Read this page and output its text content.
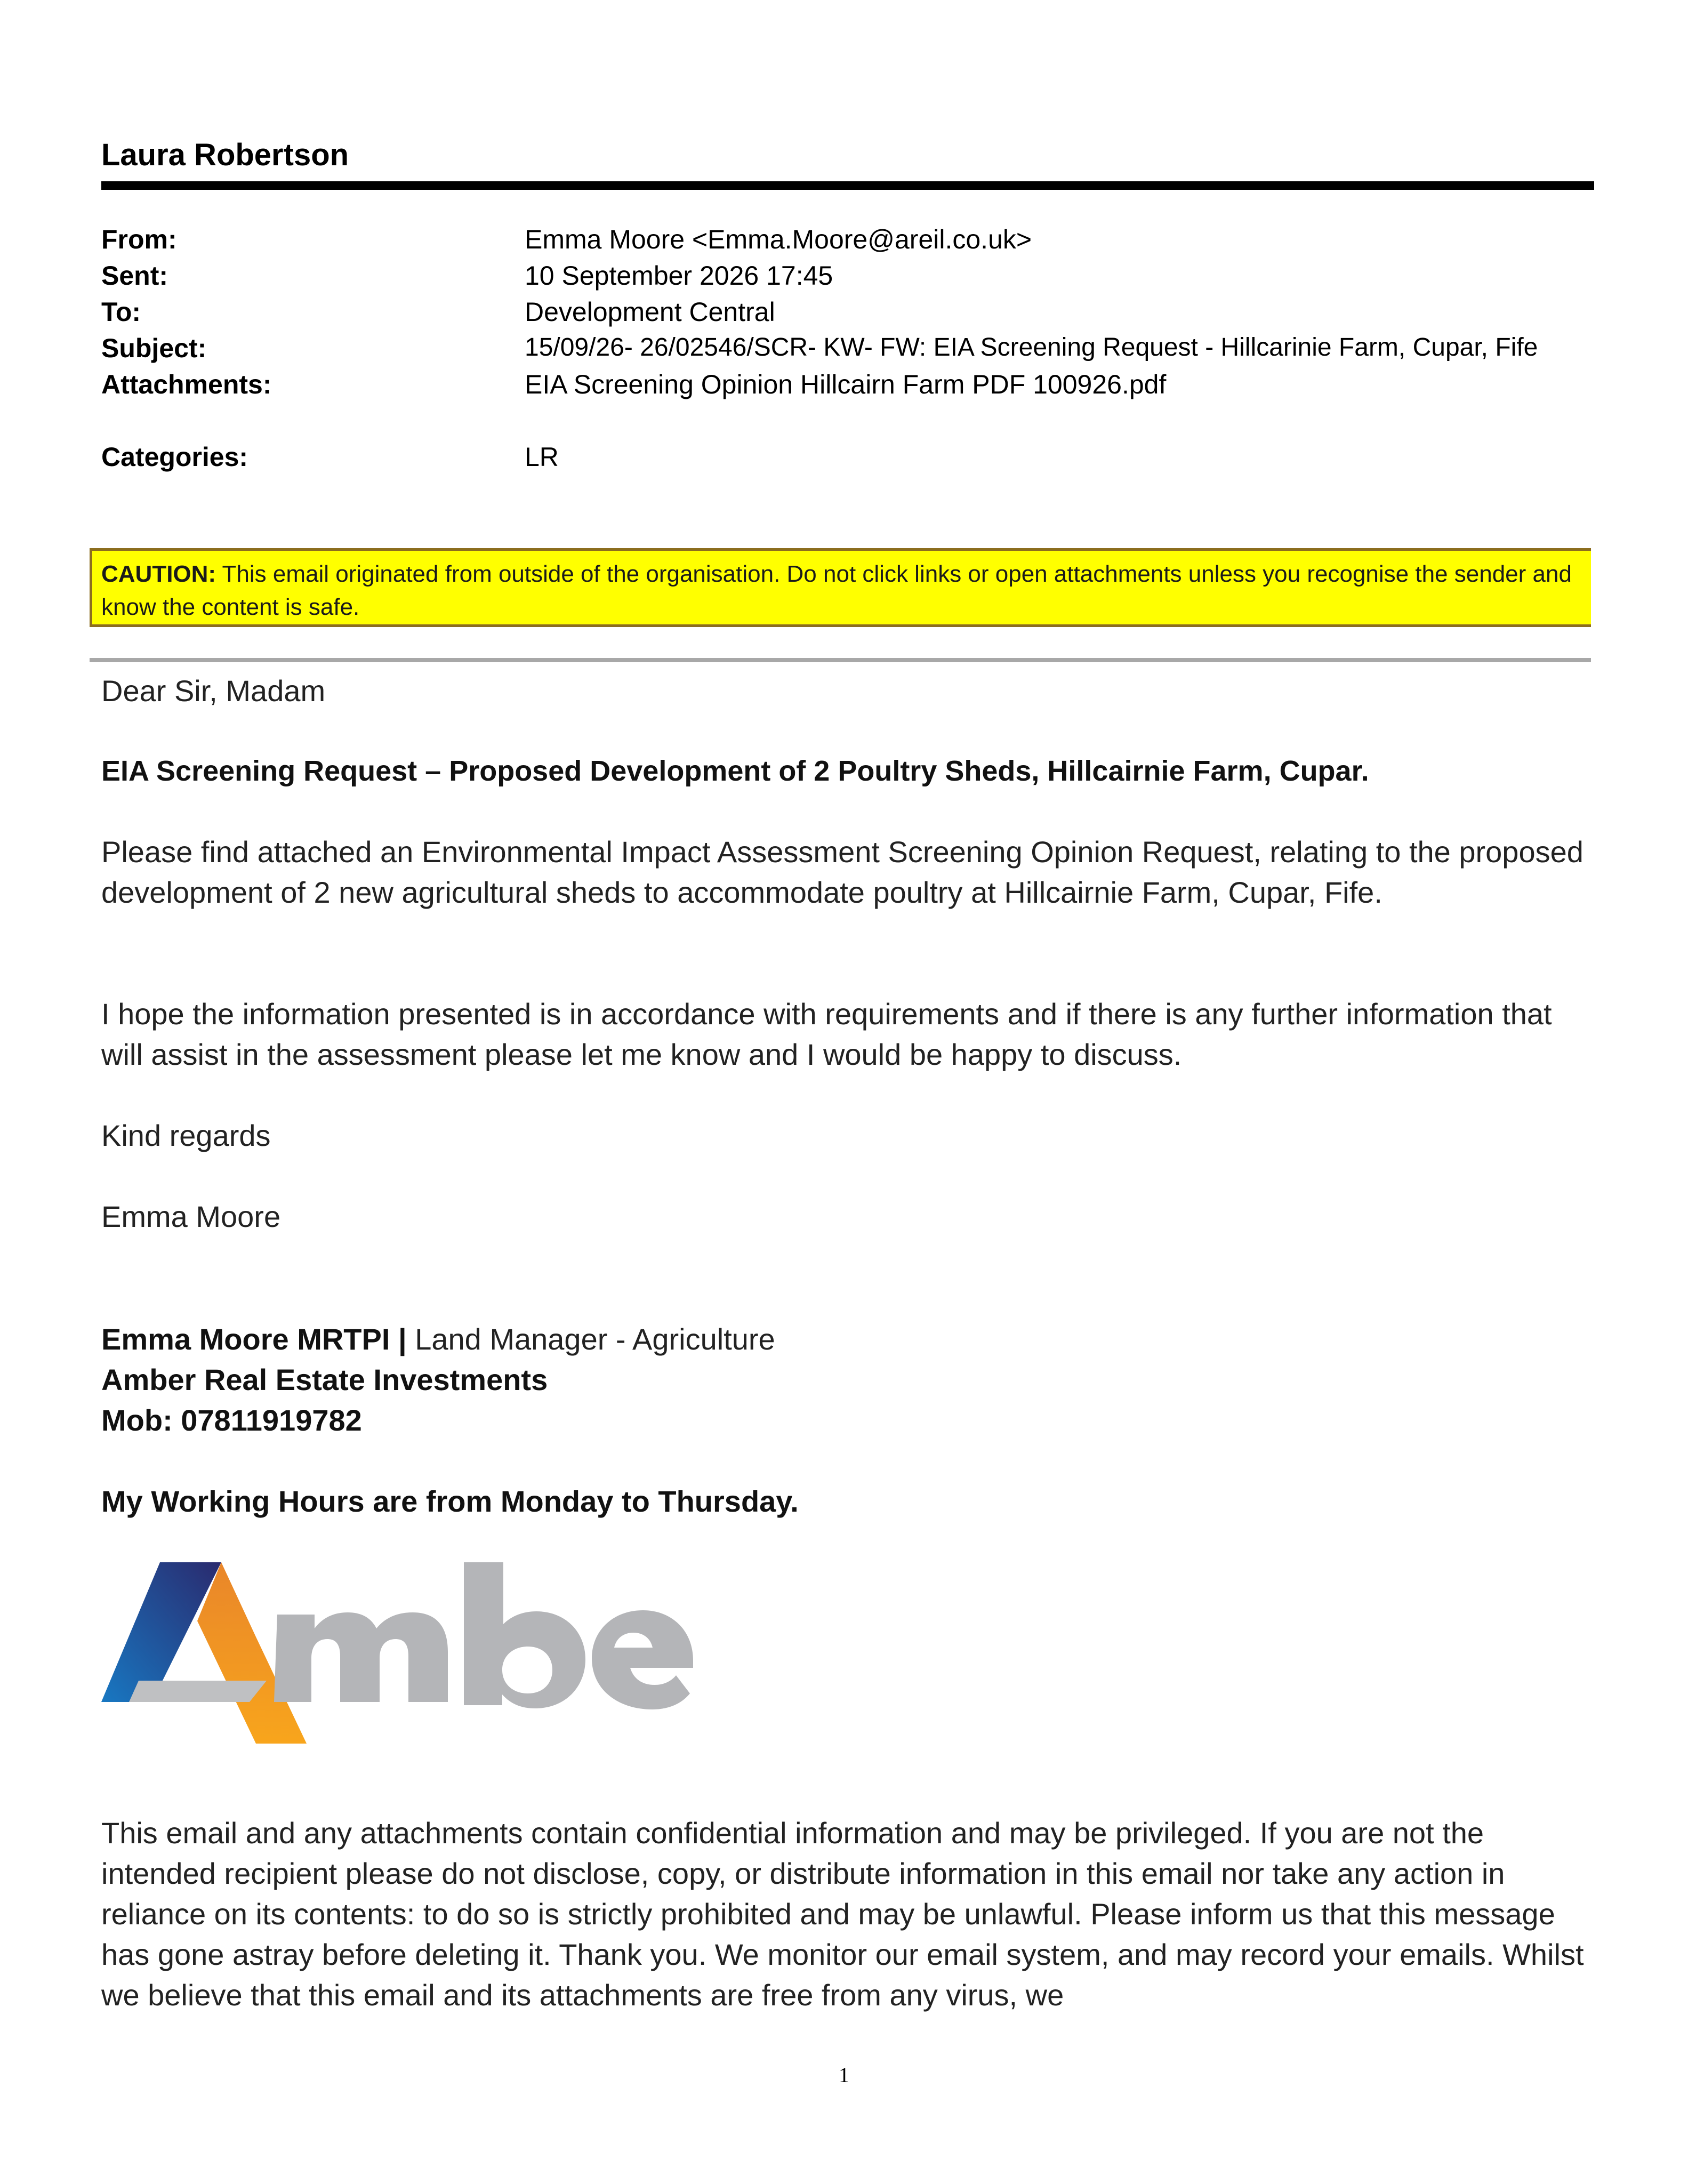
Laura Robertson
From:	Emma Moore <Emma.Moore@areil.co.uk>
Sent:	10 September 2026 17:45
To:	Development Central
Subject:	15/09/26- 26/02546/SCR- KW- FW: EIA Screening Request - Hillcarinie Farm, Cupar, Fife
Attachments:	EIA Screening Opinion Hillcairn Farm PDF 100926.pdf
Categories:	LR
CAUTION: This email originated from outside of the organisation. Do not click links or open attachments unless you recognise the sender and know the content is safe.
Dear Sir, Madam
EIA Screening Request – Proposed Development of 2 Poultry Sheds, Hillcairnie Farm, Cupar.
Please find attached an Environmental Impact Assessment Screening Opinion Request, relating to the proposed development of 2 new agricultural sheds to accommodate poultry at Hillcairnie Farm, Cupar, Fife.
I hope the information presented is in accordance with requirements and if there is any further information that will assist in the assessment please let me know and I would be happy to discuss.
Kind regards
Emma Moore
Emma Moore MRTPI | Land Manager - Agriculture
Amber Real Estate Investments
Mob: 07811919782
My Working Hours are from Monday to Thursday.
This email and any attachments contain confidential information and may be privileged. If you are not the intended recipient please do not disclose, copy, or distribute information in this email nor take any action in reliance on its contents: to do so is strictly prohibited and may be unlawful. Please inform us that this message has gone astray before deleting it. Thank you. We monitor our email system, and may record your emails. Whilst we believe that this email and its attachments are free from any virus, we
1
